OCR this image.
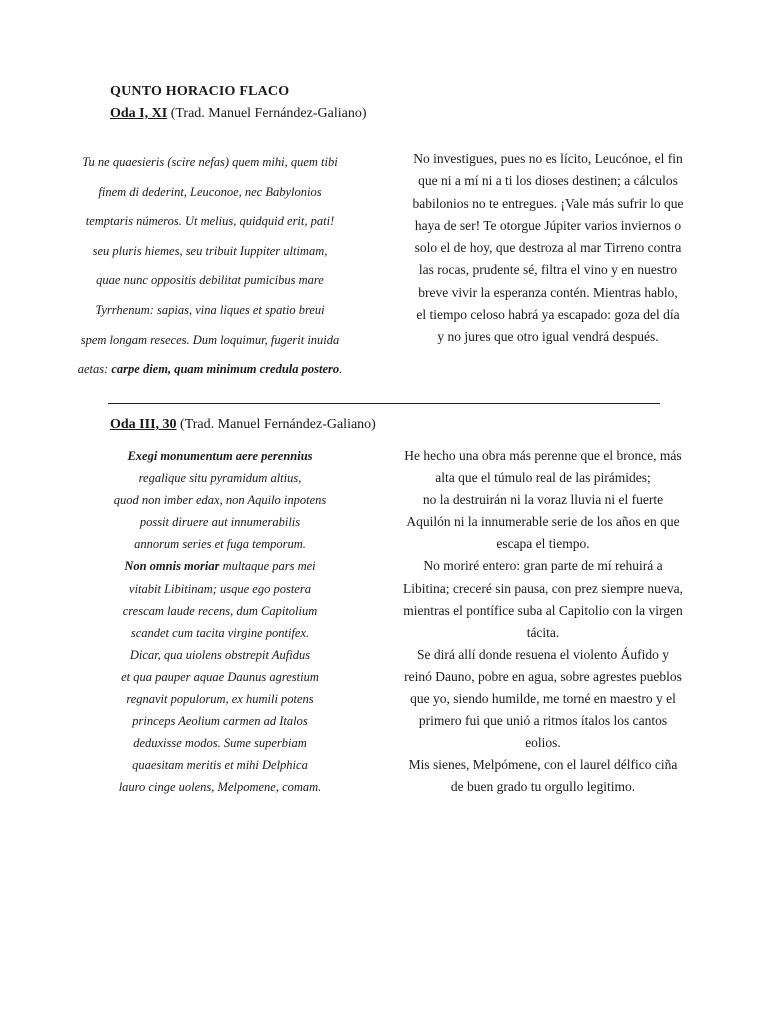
QUNTO HORACIO FLACO
Oda I, XI (Trad. Manuel Fernández-Galiano)
Tu ne quaesieris (scire nefas) quem mihi, quem tibi
finem di dederint, Leuconoe, nec Babylonios
temptaris números. Ut melius, quidquid erit, pati!
seu pluris hiemes, seu tribuit Iuppiter ultimam,
quae nunc oppositis debilitat pumicibus mare
Tyrrhenum: sapias, vina liques et spatio breui
spem longam reseces. Dum loquimur, fugerit inuida
aetas: carpe diem, quam minimum credula postero.
No investigues, pues no es lícito, Leucónoe, el fin
que ni a mí ni a ti los dioses destinen; a cálculos
babilonios no te entregues. ¡Vale más sufrir lo que
haya de ser! Te otorgue Júpiter varios inviernos o
solo el de hoy, que destroza al mar Tirreno contra
las rocas, prudente sé, filtra el vino y en nuestro
breve vivir la esperanza contén. Mientras hablo,
el tiempo celoso habrá ya escapado: goza del día
y no jures que otro igual vendrá después.
Oda III, 30 (Trad. Manuel Fernández-Galiano)
Exegi monumentum aere perennius
regalique situ pyramidum altius,
quod non imber edax, non Aquilo inpotens
possit diruere aut innumerabilis
annorum series et fuga temporum.
Non omnis moriar multaque pars mei
vitabit Libitinam; usque ego postera
crescam laude recens, dum Capitolium
scandet cum tacita virgine pontifex.
Dicar, qua uiolens obstrepit Aufidus
et qua pauper aquae Daunus agrestium
regnavit populorum, ex humili potens
princeps Aeolium carmen ad Italos
deduxisse modos. Sume superbiam
quaesitam meritis et mihi Delphica
lauro cinge uolens, Melpomene, comam.
He hecho una obra más perenne que el bronce, más
alta que el túmulo real de las pirámides;
no la destruirán ni la voraz lluvia ni el fuerte
Aquilón ni la innumerable serie de los años en que
escapa el tiempo.
No moriré entero: gran parte de mí rehuirá a
Libitina; creceré sin pausa, con prez siempre nueva,
mientras el pontífice suba al Capitolio con la virgen
tácita.
Se dirá allí donde resuena el violento Áufido y
reinó Dauno, pobre en agua, sobre agrestes pueblos
que yo, siendo humilde, me torné en maestro y el
primero fui que unió a ritmos ítalos los cantos
eolios.
Mis sienes, Melpómene, con el laurel délfico ciña
de buen grado tu orgullo legitimo.
